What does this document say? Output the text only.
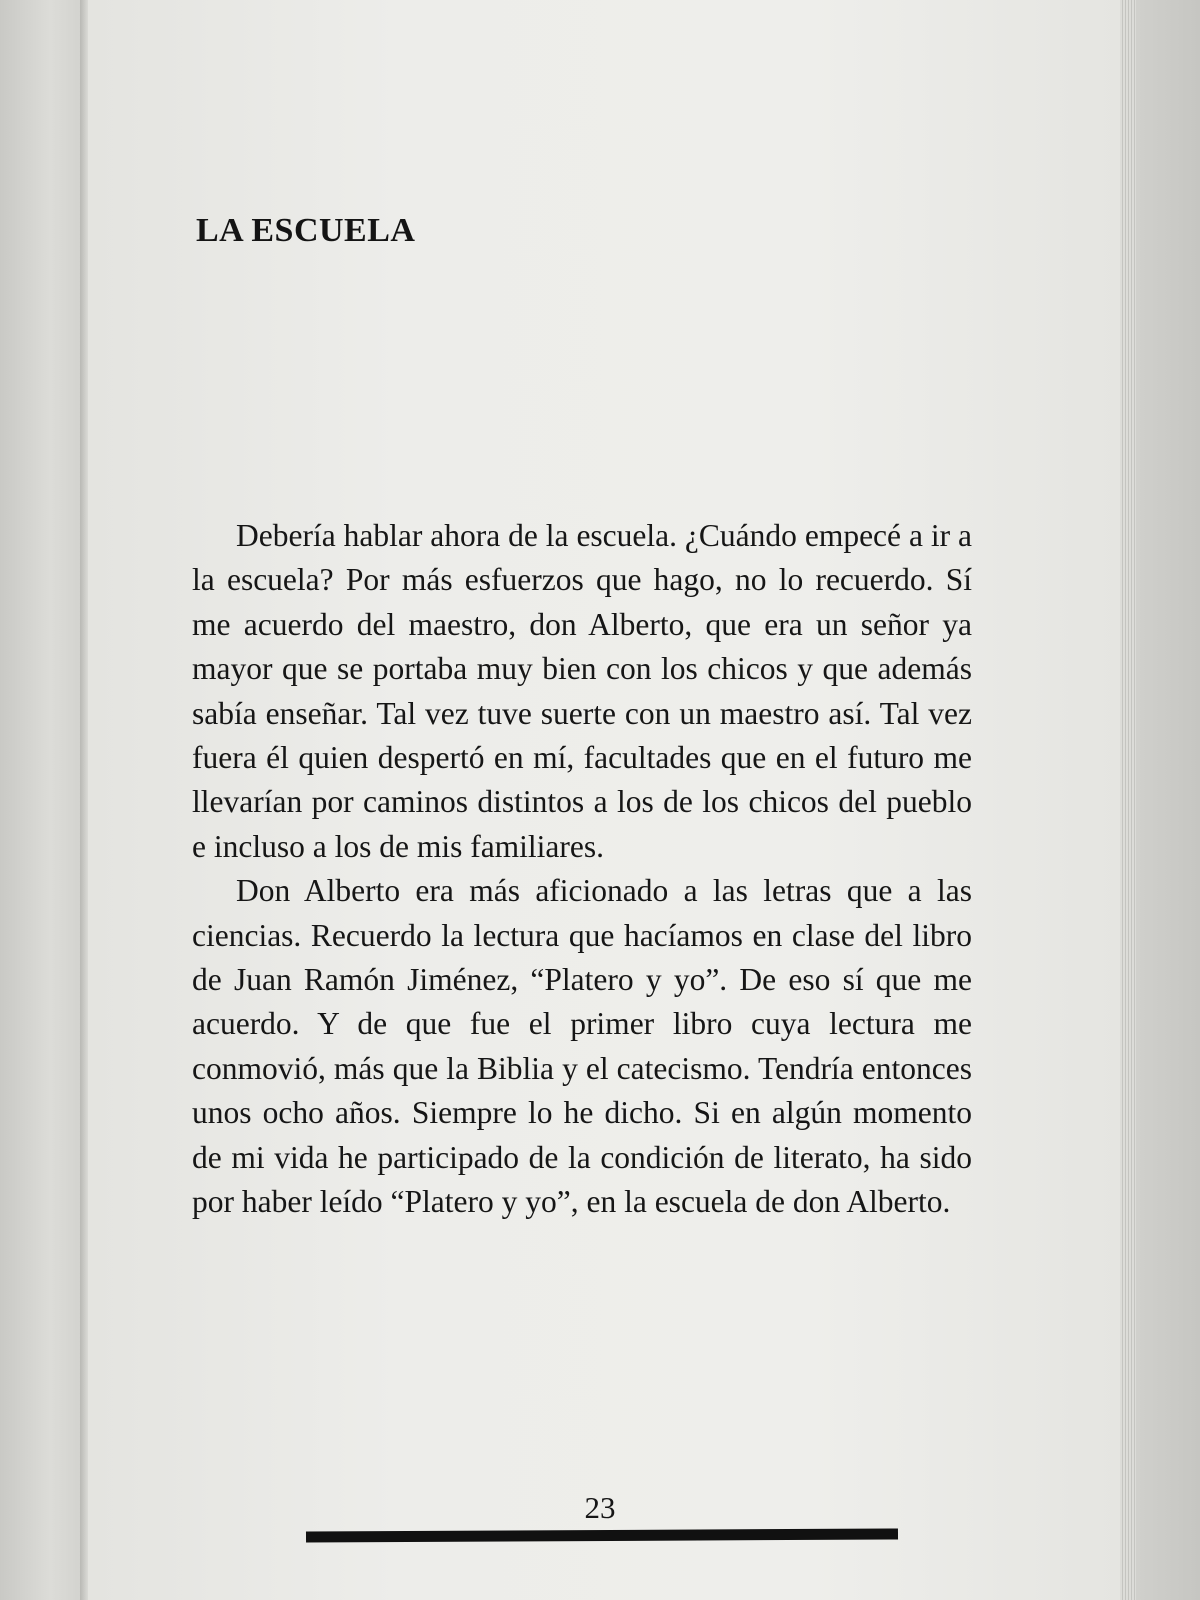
LA ESCUELA

Debería hablar ahora de la escuela. ¿Cuándo empecé a ir a la escuela? Por más esfuerzos que hago, no lo recuerdo. Sí me acuerdo del maestro, don Alberto, que era un señor ya mayor que se portaba muy bien con los chicos y que además sabía enseñar. Tal vez tuve suerte con un maestro así. Tal vez fuera él quien despertó en mí, facultades que en el futuro me llevarían por caminos distintos a los de los chicos del pueblo e incluso a los de mis familiares.

Don Alberto era más aficionado a las letras que a las ciencias. Recuerdo la lectura que hacíamos en clase del libro de Juan Ramón Jiménez, “Platero y yo”. De eso sí que me acuerdo. Y de que fue el primer libro cuya lectura me conmovió, más que la Biblia y el catecismo. Tendría entonces unos ocho años. Siempre lo he dicho. Si en algún momento de mi vida he participado de la condición de literato, ha sido por haber leído “Platero y yo”, en la escuela de don Alberto.

23
